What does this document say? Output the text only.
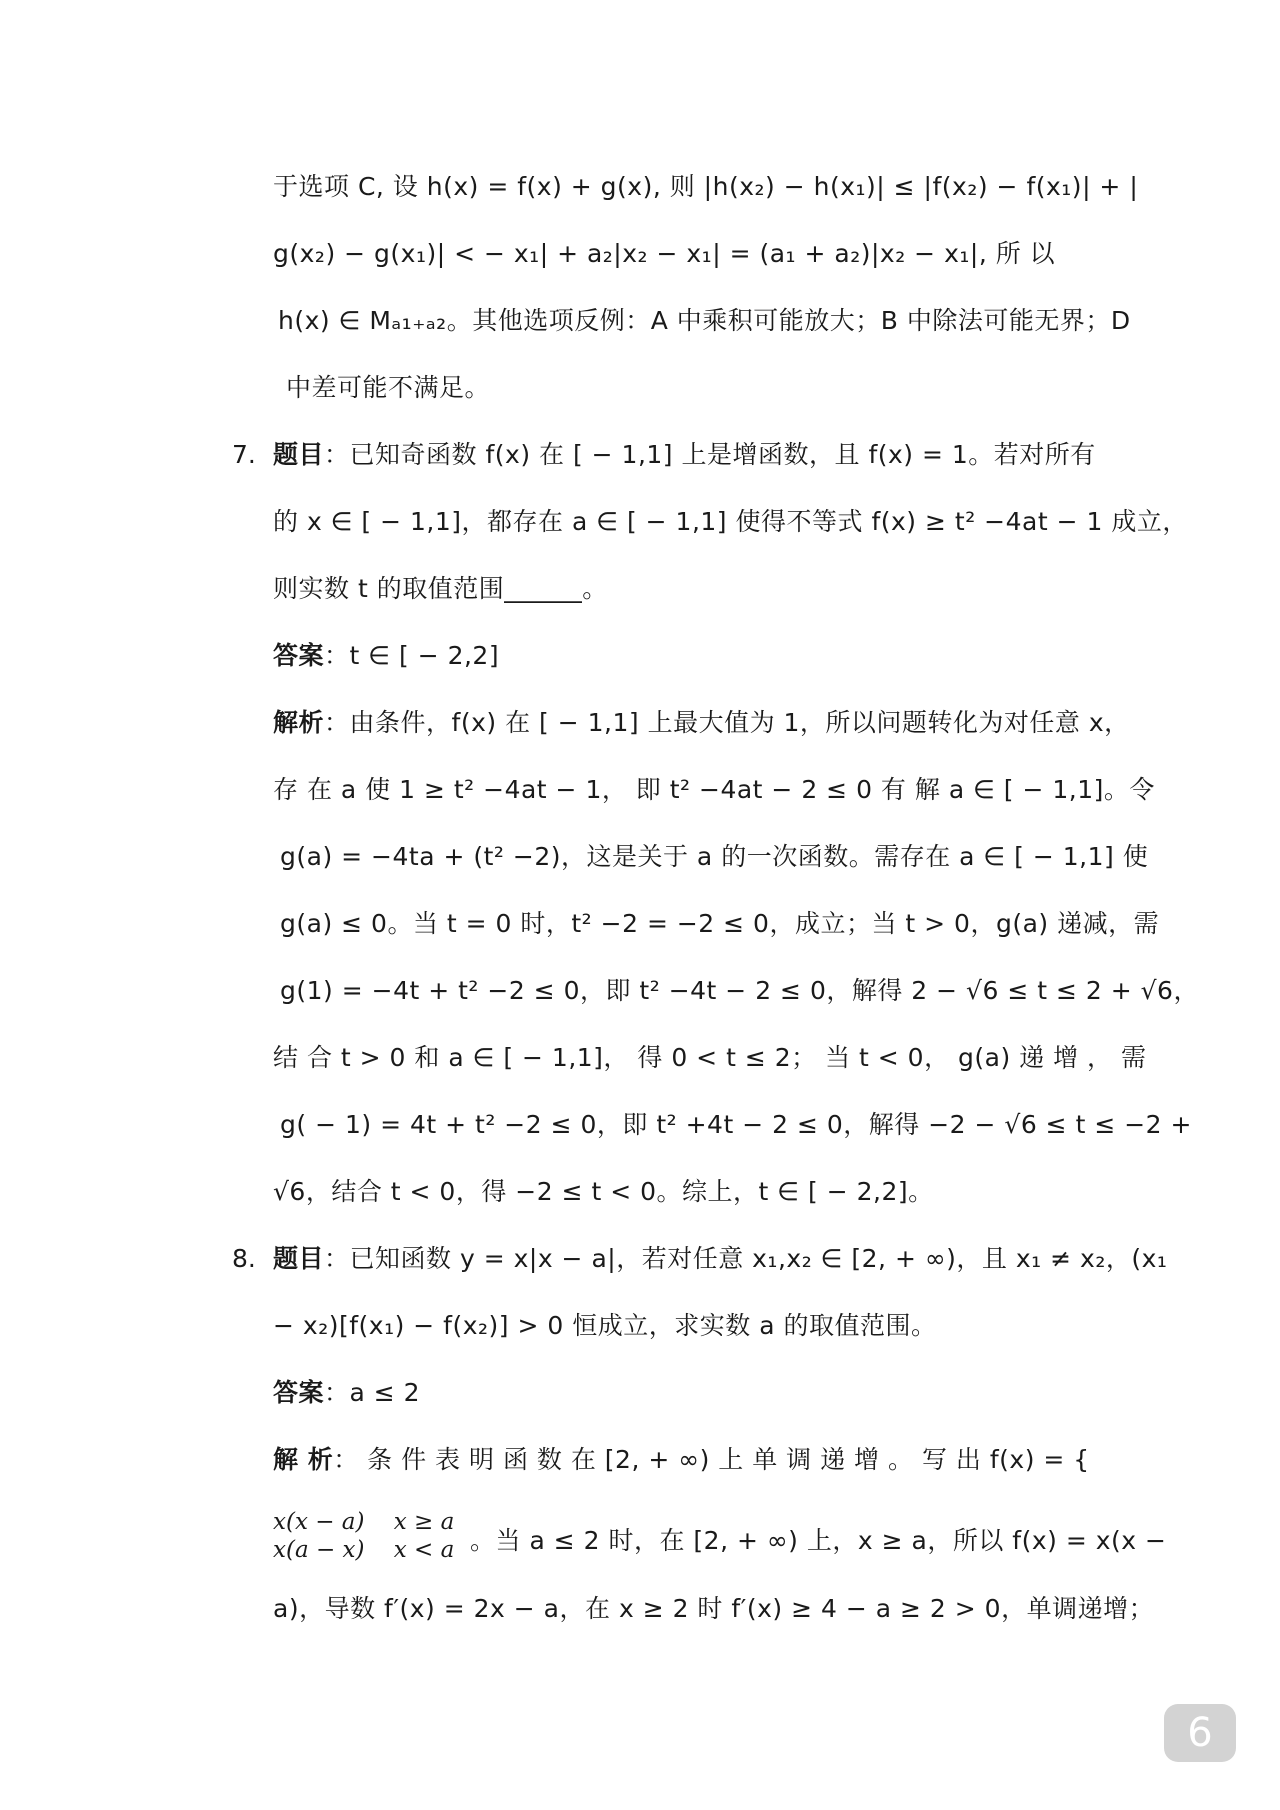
于选项 C, 设 h(x) = f(x) + g(x), 则 |h(x₂) − h(x₁)| ≤ |f(x₂) − f(x₁)| + |
g(x₂) − g(x₁)| < − x₁| + a₂|x₂ − x₁| = (a₁ + a₂)|x₂ − x₁|, 所 以
h(x) ∈ Mₐ₁₊ₐ₂。其他选项反例：A 中乘积可能放大；B 中除法可能无界；D
中差可能不满足。
7. 题目：已知奇函数 f(x) 在 [ − 1,1] 上是增函数，且 f(x) = 1。若对所有
的 x ∈ [ − 1,1]，都存在 a ∈ [ − 1,1] 使得不等式 f(x) ≥ t² −4at − 1 成立，
则实数 t 的取值范围______。
答案：t ∈ [ − 2,2]
解析：由条件，f(x) 在 [ − 1,1] 上最大值为 1，所以问题转化为对任意 x，
存 在 a 使 1 ≥ t² −4at − 1， 即 t² −4at − 2 ≤ 0 有 解 a ∈ [ − 1,1]。令
g(a) = −4ta + (t² −2)，这是关于 a 的一次函数。需存在 a ∈ [ − 1,1] 使
g(a) ≤ 0。当 t = 0 时，t² −2 = −2 ≤ 0，成立；当 t > 0，g(a) 递减，需
g(1) = −4t + t² −2 ≤ 0，即 t² −4t − 2 ≤ 0，解得 2 − √6 ≤ t ≤ 2 + √6，
结 合 t > 0 和 a ∈ [ − 1,1]， 得 0 < t ≤ 2； 当 t < 0， g(a) 递 增 ， 需
g( − 1) = 4t + t² −2 ≤ 0，即 t² +4t − 2 ≤ 0，解得 −2 − √6 ≤ t ≤ −2 +
√6，结合 t < 0，得 −2 ≤ t < 0。综上，t ∈ [ − 2,2]。
8. 题目：已知函数 y = x|x − a|，若对任意 x₁,x₂ ∈ [2, + ∞)，且 x₁ ≠ x₂，(x₁
− x₂)[f(x₁) − f(x₂)] > 0 恒成立，求实数 a 的取值范围。
答案：a ≤ 2
解 析： 条 件 表 明 函 数 在 [2, + ∞) 上 单 调 递 增 。 写 出 f(x) = {
x(x − a)    x ≥ a
x(a − x)    x < a 。当 a ≤ 2 时，在 [2, + ∞) 上，x ≥ a，所以 f(x) = x(x −
a)，导数 f′(x) = 2x − a，在 x ≥ 2 时 f′(x) ≥ 4 − a ≥ 2 > 0，单调递增；
6
